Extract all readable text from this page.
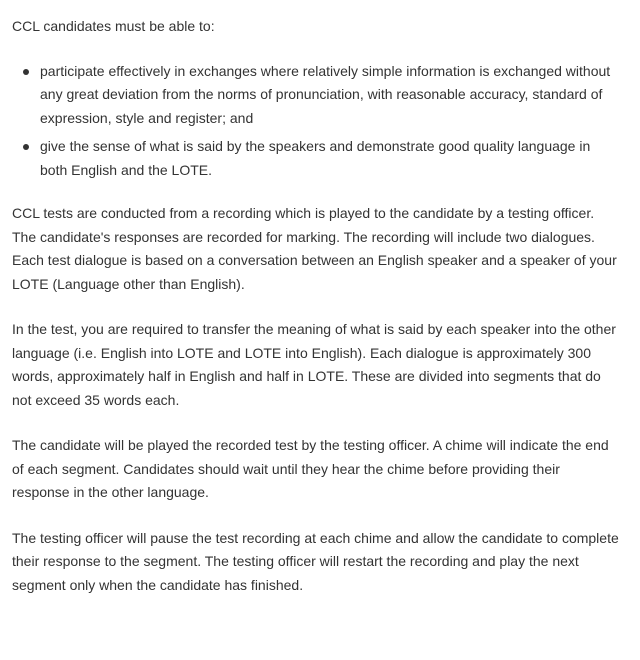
CCL candidates must be able to:

participate effectively in exchanges where relatively simple information is exchanged without any great deviation from the norms of pronunciation, with reasonable accuracy, standard of expression, style and register; and
give the sense of what is said by the speakers and demonstrate good quality language in both English and the LOTE.

CCL tests are conducted from a recording which is played to the candidate by a testing officer. The candidate's responses are recorded for marking. The recording will include two dialogues. Each test dialogue is based on a conversation between an English speaker and a speaker of your LOTE (Language other than English).

In the test, you are required to transfer the meaning of what is said by each speaker into the other language (i.e. English into LOTE and LOTE into English). Each dialogue is approximately 300 words, approximately half in English and half in LOTE. These are divided into segments that do not exceed 35 words each.

The candidate will be played the recorded test by the testing officer. A chime will indicate the end of each segment. Candidates should wait until they hear the chime before providing their response in the other language.

The testing officer will pause the test recording at each chime and allow the candidate to complete their response to the segment. The testing officer will restart the recording and play the next segment only when the candidate has finished.
